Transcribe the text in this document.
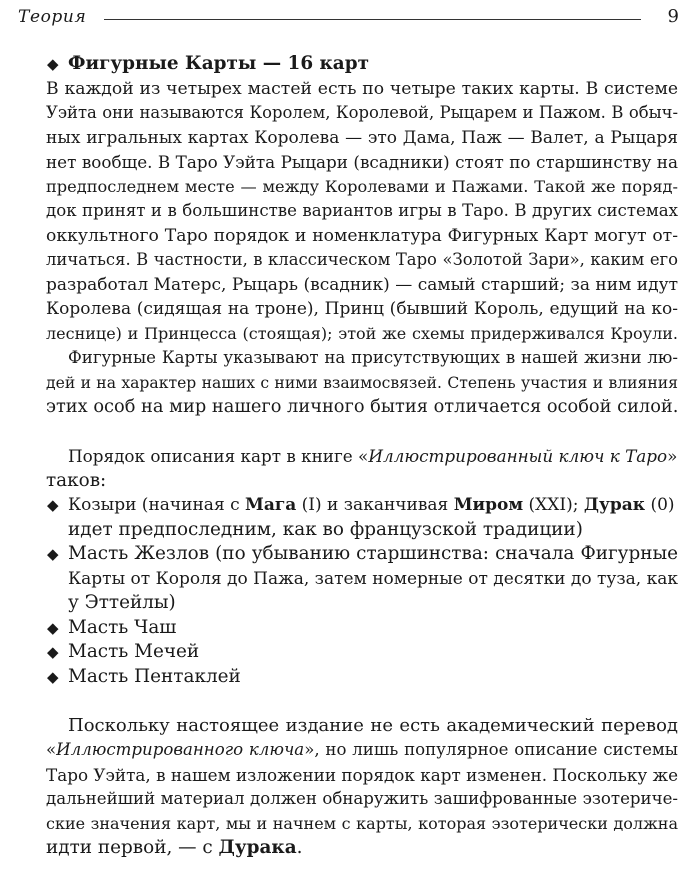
Теория	9
◆ Фигурные Карты — 16 карт
В каждой из четырех мастей есть по четыре таких карты. В системе
Уэйта они называются Королем, Королевой, Рыцарем и Пажом. В обыч-
ных игральных картах Королева — это Дама, Паж — Валет, а Рыцаря
нет вообще. В Таро Уэйта Рыцари (всадники) стоят по старшинству на
предпоследнем месте — между Королевами и Пажами. Такой же поряд-
док принят и в большинстве вариантов игры в Таро. В других системах
оккультного Таро порядок и номенклатура Фигурных Карт могут от-
личаться. В частности, в классическом Таро «Золотой Зари», каким его
разработал Матерс, Рыцарь (всадник) — самый старший; за ним идут
Королева (сидящая на троне), Принц (бывший Король, едущий на ко-
леснице) и Принцесса (стоящая); этой же схемы придерживался Кроули.
Фигурные Карты указывают на присутствующих в нашей жизни лю-
дей и на характер наших с ними взаимосвязей. Степень участия и влияния
этих особ на мир нашего личного бытия отличается особой силой.
Порядок описания карт в книге «Иллюстрированный ключ к Таро»
таков:
◆ Козыри (начиная с Мага (I) и заканчивая Миром (XXI); Дурак (0)
идет предпоследним, как во французской традиции)
◆ Масть Жезлов (по убыванию старшинства: сначала Фигурные
Карты от Короля до Пажа, затем номерные от десятки до туза, как
у Эттейлы)
◆ Масть Чаш
◆ Масть Мечей
◆ Масть Пентаклей
Поскольку настоящее издание не есть академический перевод
«Иллюстрированного ключа», но лишь популярное описание системы
Таро Уэйта, в нашем изложении порядок карт изменен. Поскольку же
дальнейший материал должен обнаружить зашифрованные эзотериче-
ские значения карт, мы и начнем с карты, которая эзотерически должна
идти первой, — с Дурака.
